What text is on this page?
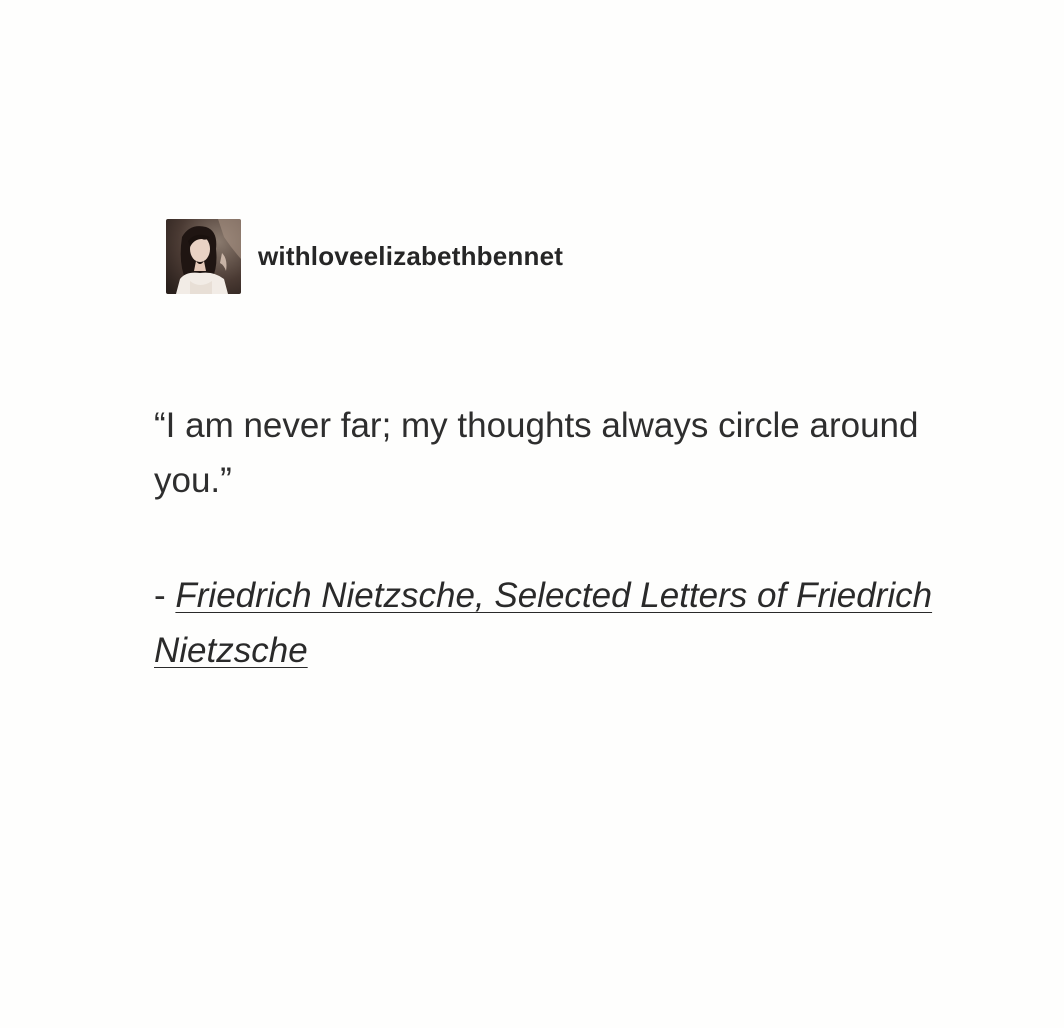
withloveelizabethbennet

“I am never far; my thoughts always circle around you.”

- Friedrich Nietzsche, Selected Letters of Friedrich Nietzsche
